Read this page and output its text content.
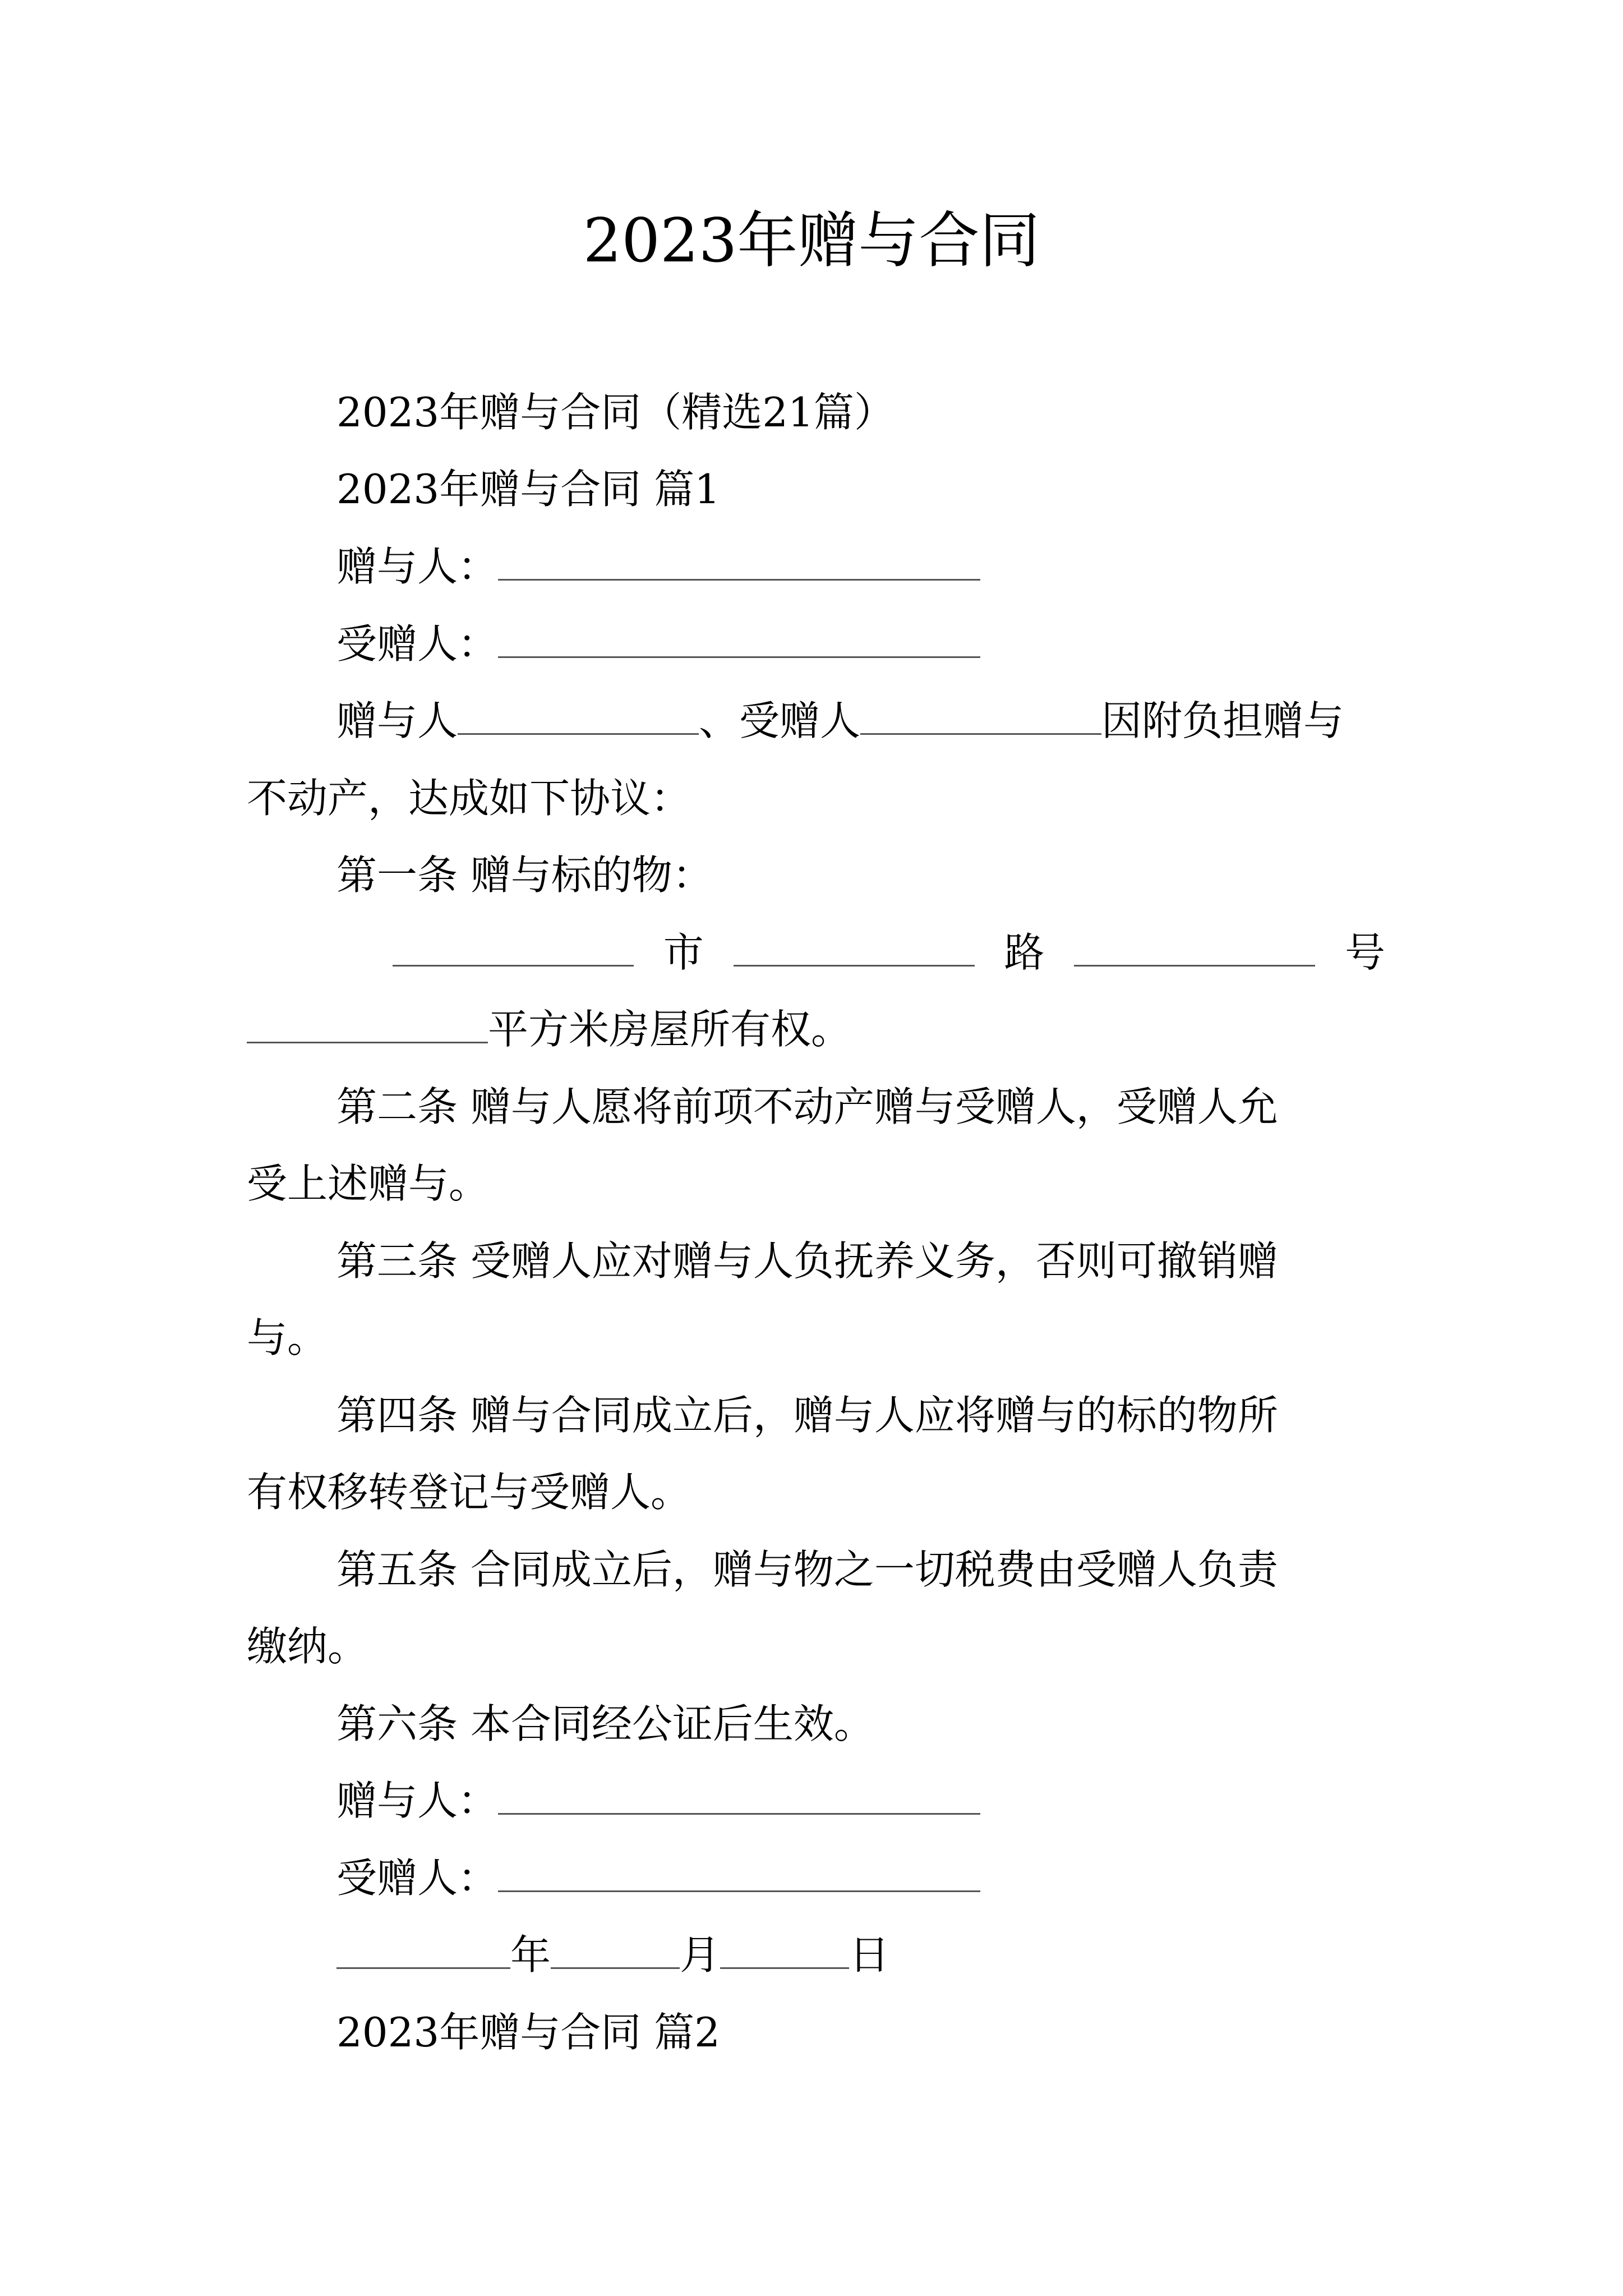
2023年赠与合同
2023年赠与合同（精选21篇）
2023年赠与合同 篇1
赠与人：
受赠人：
赠与人	、受赠人	因附负担赠与
不动产，达成如下协议：
第一条 赠与标的物：
市	路	号
平方米房屋所有权。
第二条 赠与人愿将前项不动产赠与受赠人，受赠人允
受上述赠与。
第三条 受赠人应对赠与人负抚养义务，否则可撤销赠
与。
第四条 赠与合同成立后，赠与人应将赠与的标的物所
有权移转登记与受赠人。
第五条 合同成立后，赠与物之一切税费由受赠人负责
缴纳。
第六条 本合同经公证后生效。
赠与人：
受赠人：
年	月	日
2023年赠与合同 篇2
